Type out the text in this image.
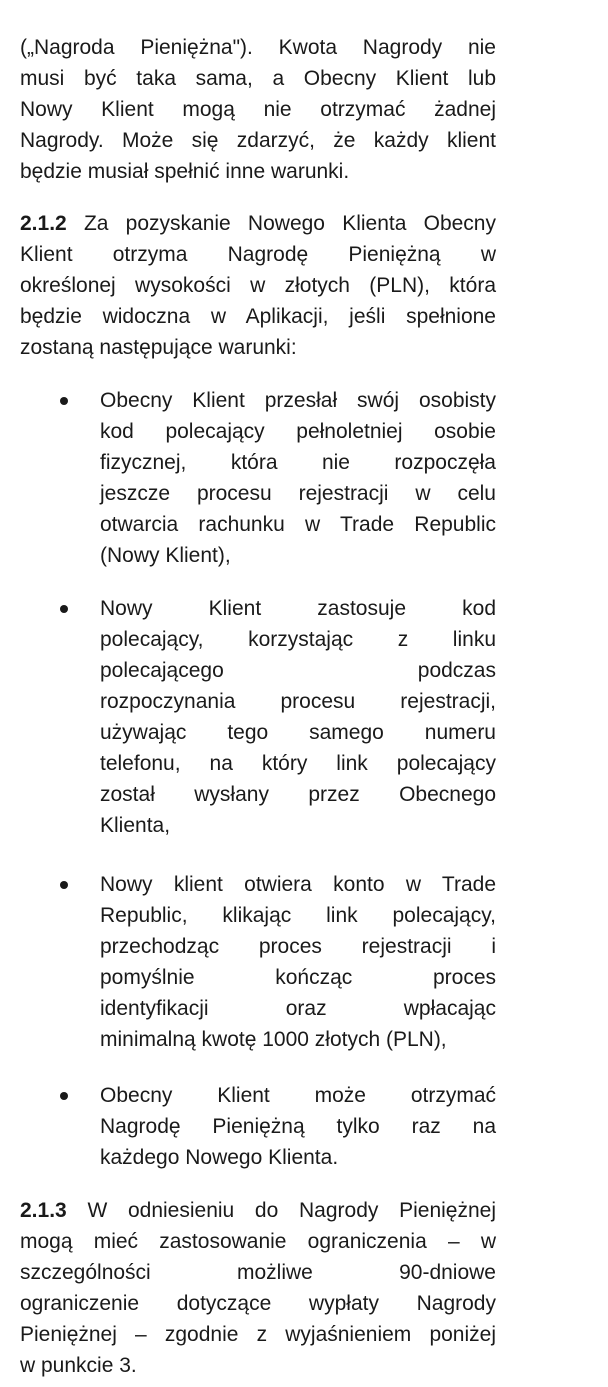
(„Nagroda Pieniężna"). Kwota Nagrody nie
musi być taka sama, a Obecny Klient lub
Nowy Klient mogą nie otrzymać żadnej
Nagrody. Może się zdarzyć, że każdy klient
będzie musiał spełnić inne warunki.
2.1.2 Za pozyskanie Nowego Klienta Obecny
Klient otrzyma Nagrodę Pieniężną w
określonej wysokości w złotych (PLN), która
będzie widoczna w Aplikacji, jeśli spełnione
zostaną następujące warunki:
Obecny Klient przesłał swój osobisty
kod polecający pełnoletniej osobie
fizycznej, która nie rozpoczęła
jeszcze procesu rejestracji w celu
otwarcia rachunku w Trade Republic
(Nowy Klient),
Nowy Klient zastosuje kod
polecający, korzystając z linku
polecającego podczas
rozpoczynania procesu rejestracji,
używając tego samego numeru
telefonu, na który link polecający
został wysłany przez Obecnego
Klienta,
Nowy klient otwiera konto w Trade
Republic, klikając link polecający,
przechodząc proces rejestracji i
pomyślnie kończąc proces
identyfikacji oraz wpłacając
minimalną kwotę 1000 złotych (PLN),
Obecny Klient może otrzymać
Nagrodę Pieniężną tylko raz na
każdego Nowego Klienta.
2.1.3 W odniesieniu do Nagrody Pieniężnej
mogą mieć zastosowanie ograniczenia – w
szczególności możliwe 90-dniowe
ograniczenie dotyczące wypłaty Nagrody
Pieniężnej – zgodnie z wyjaśnieniem poniżej
w punkcie 3.
